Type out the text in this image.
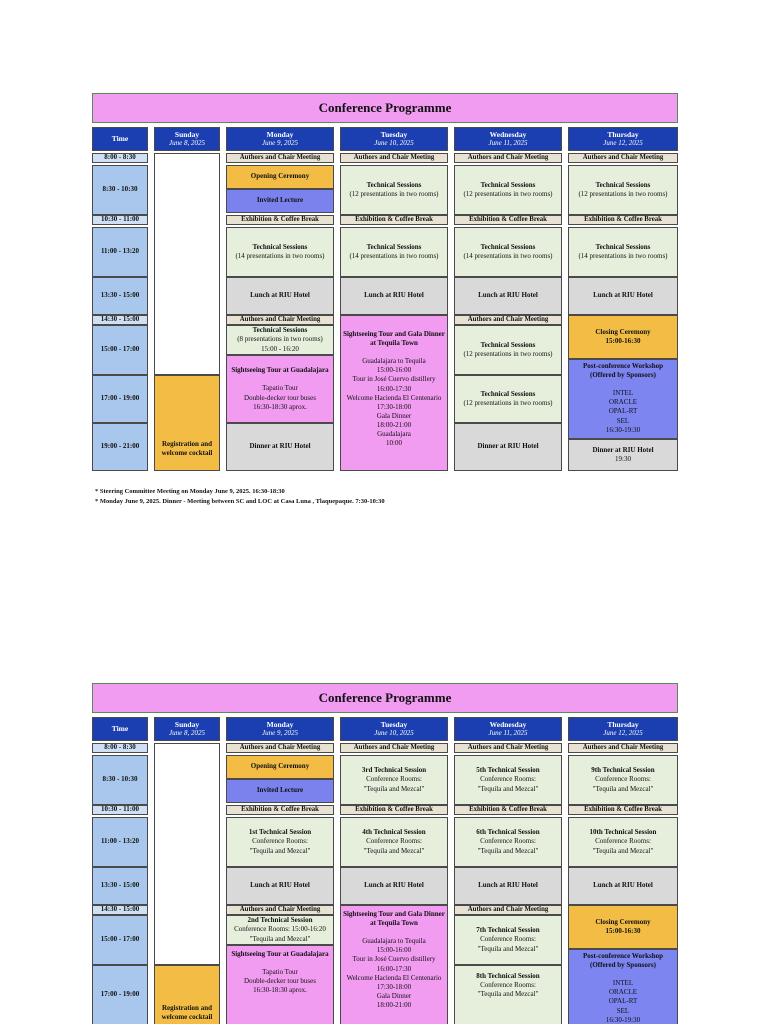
Conference Programme
Time
8:00 - 8:30
8:30 - 10:30
10:30 - 11:00
11:00 - 13:20
13:30 - 15:00
14:30 - 15:00
15:00 - 17:00
17:00 - 19:00
19:00 - 21:00
Sunday
June 8, 2025
Registration and welcome cocktail
Monday
June 9, 2025
Authors and Chair Meeting
Opening Ceremony
Invited Lecture
Exhibition & Coffee Break

Technical Sessions

(14 presentations in two rooms)

Lunch at RIU Hotel
Authors and Chair Meeting

Technical Sessions

(8 presentations in two rooms)

15:00 - 16:20

Sightseeing Tour at Guadalajara

Tapatio Tour

Double-decker tour buses

16:30-18:30 aprox.

Dinner at RIU Hotel
Tuesday
June 10, 2025
Authors and Chair Meeting

Technical Sessions

(12 presentations in two rooms)

Exhibition & Coffee Break

Technical Sessions

(14 presentations in two rooms)

Lunch at RIU Hotel

Sightseeing Tour and Gala Dinner at Tequila Town

Guadalajara to Tequila

15:00-16:00

Tour in José Cuervo distillery

16:00-17:30

Welcome Hacienda El Centenario 17:30-18:00

Gala Dinner

18:00-21:00

Guadalajara

10:00

Wednesday
June 11, 2025
Authors and Chair Meeting

Technical Sessions

(12 presentations in two rooms)

Exhibition & Coffee Break

Technical Sessions

(14 presentations in two rooms)

Lunch at RIU Hotel
Authors and Chair Meeting

Technical Sessions

(12 presentations in two rooms)

Technical Sessions

(12 presentations in two rooms)

Dinner at RIU Hotel
Thursday
June 12, 2025
Authors and Chair Meeting

Technical Sessions

(12 presentations in two rooms)

Exhibition & Coffee Break

Technical Sessions

(14 presentations in two rooms)

Lunch at RIU Hotel

Closing Ceremony

15:00-16:30

Post-conference Workshop (Offered by Sponsors)

INTEL

ORACLE

OPAL-RT

SEL

16:30-19:30

Dinner at RIU Hotel

19:30

* Steering Committee Meeting on Monday June 9, 2025. 16:30-18:30

* Monday June 9, 2025. Dinner - Meeting between SC and LOC at Casa Luna , Tlaquepaque. 7:30-10:30

Conference Programme
Time
8:00 - 8:30
8:30 - 10:30
10:30 - 11:00
11:00 - 13:20
13:30 - 15:00
14:30 - 15:00
15:00 - 17:00
17:00 - 19:00
Sunday
June 8, 2025
Registration and welcome cocktail
Monday
June 9, 2025
Authors and Chair Meeting
Opening Ceremony
Invited Lecture
Exhibition & Coffee Break

1st Technical Session

Conference Rooms:

"Tequila and Mezcal"

Lunch at RIU Hotel
Authors and Chair Meeting

2nd Technical Session

Conference Rooms: 15:00-16:20

"Tequila and Mezcal"

Sightseeing Tour at Guadalajara

Tapatio Tour

Double-decker tour buses

16:30-18:30 aprox.

Tuesday
June 10, 2025
Authors and Chair Meeting

3rd Technical Session

Conference Rooms:

"Tequila and Mezcal"

Exhibition & Coffee Break

4th Technical Session

Conference Rooms:

"Tequila and Mezcal"

Lunch at RIU Hotel

Sightseeing Tour and Gala Dinner at Tequila Town

Guadalajara to Tequila

15:00-16:00

Tour in José Cuervo distillery

16:00-17:30

Welcome Hacienda El Centenario 17:30-18:00

Gala Dinner

18:00-21:00

Wednesday
June 11, 2025
Authors and Chair Meeting

5th Technical Session

Conference Rooms:

"Tequila and Mezcal"

Exhibition & Coffee Break

6th Technical Session

Conference Rooms:

"Tequila and Mezcal"

Lunch at RIU Hotel
Authors and Chair Meeting

7th Technical Session

Conference Rooms:

"Tequila and Mezcal"

8th Technical Session

Conference Rooms:

"Tequila and Mezcal"

Thursday
June 12, 2025
Authors and Chair Meeting

9th Technical Session

Conference Rooms:

"Tequila and Mezcal"

Exhibition & Coffee Break

10th Technical Session

Conference Rooms:

"Tequila and Mezcal"

Lunch at RIU Hotel

Closing Ceremony

15:00-16:30

Post-conference Workshop (Offered by Sponsors)

INTEL

ORACLE

OPAL-RT

SEL

16:30-19:30
